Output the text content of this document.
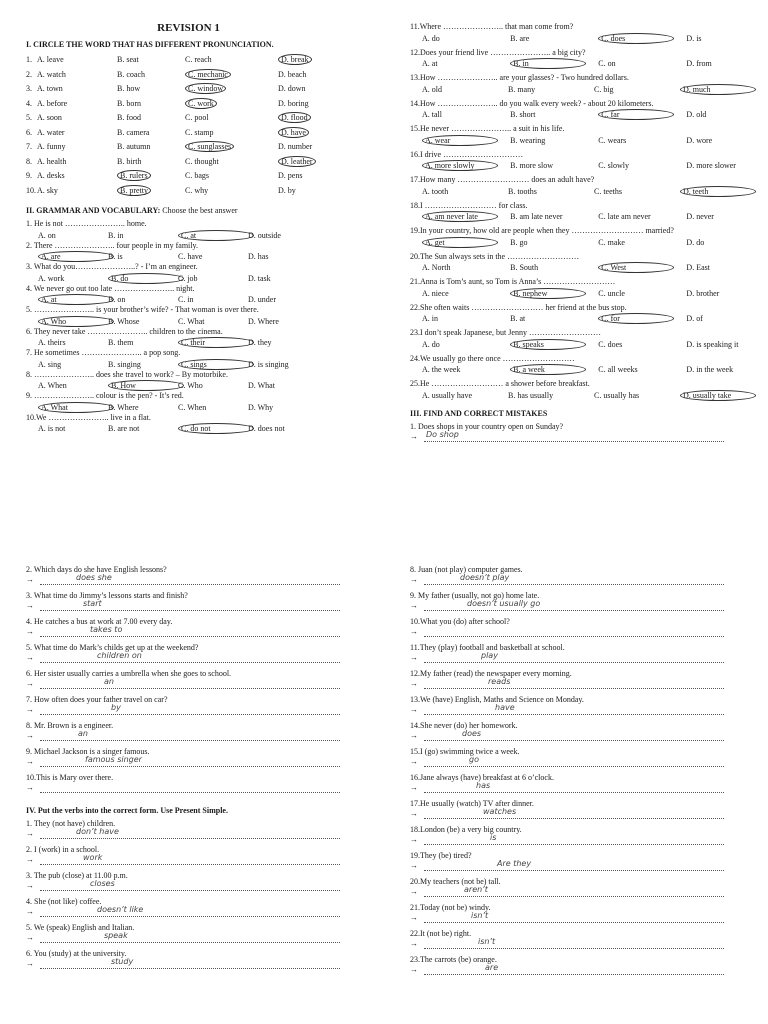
REVISION 1
I. CIRCLE THE WORD THAT HAS DIFFERENT PRONUNCIATION.
1. A. leave	B. seat	C. reach	D. break
2. A. watch	B. coach	C. mechanic	D. beach
3. A. town	B. how	C. window	D. down
4. A. before	B. born	C. work	D. boring
5. A. soon	B. food	C. pool	D. flood
6. A. water	B. camera	C. stamp	D. have
7. A. funny	B. autumn	C. sunglasses	D. number
8. A. health	B. birth	C. thought	D. leather
9. A. desks	B. rulers	C. bags	D. pens
10. A. sky	B. pretty	C. why	D. by
II. GRAMMAR AND VOCABULARY: Choose the best answer
1. He is not ………………….. home.
A. on	B. in	C. at	D. outside
2. There ………………….. four people in my family.
A. are	B. is	C. have	D. has
3. What do you…………………..? - I’m an engineer.
A. work	B. do	C. job	D. task
4. We never go out too late ………………….. night.
A. at	B. on	C. in	D. under
5. ………………….. is your brother’s wife? - That woman is over there.
A. Who	B. Whose	C. What	D. Where
6. They never take ………………….. children to the cinema.
A. theirs	B. them	C. their	D. they
7. He sometimes ………………….. a pop song.
A. sing	B. singing	C. sings	D. is singing
8. ………………….. does she travel to work? – By motorbike.
A. When	B. How	C. Who	D. What
9. ………………….. colour is the pen? - It’s red.
A. What	B. Where	C. When	D. Why
10.We ………………….. live in a flat.
A. is not	B. are not	C. do not	D. does not
11.Where ………………….. that man come from?
A. do	B. are	C. does	D. is
12.Does your friend live ………………….. a big city?
A. at	B. in	C. on	D. from
13.How ………………….. are your glasses? - Two hundred dollars.
A. old	B. many	C. big	D. much
14.How ………………….. do you walk every week? - about 20 kilometers.
A. tall	B. short	C. far	D. old
15.He never ………………….. a suit in his life.
A. wear	B. wearing	C. wears	D. wore
16.I drive …………………………
A. more slowly	B. more slow	C. slowly	D. more slower
17.How many ……………………… does an adult have?
A. tooth	B. tooths	C. teeths	D. teeth
18.I ……………………… for class.
A. am never late	B. am late never	C. late am never	D. never
19.In your country, how old are people when they ……………………… married?
A. get	B. go	C. make	D. do
20.The Sun always sets in the ………………………
A. North	B. South	C. West	D. East
21.Anna is Tom’s aunt, so Tom is Anna’s ………………………
A. niece	B. nephew	C. uncle	D. brother
22.She often waits ……………………… her friend at the bus stop.
A. in	B. at	C. for	D. of
23.I don’t speak Japanese, but Jenny ………………………
A. do	B. speaks	C. does	D. is speaking it
24.We usually go there once ………………………
A. the week	B. a week	C. all weeks	D. in the week
25.He ……………………… a shower before breakfast.
A. usually have	B. has usually	C. usually has	D. usually take
III. FIND AND CORRECT MISTAKES
1. Does shops in your country open on Sunday?
→ Do shop
2. Which days do she have English lessons?
→	does she
3. What time do Jimmy’s lessons starts and finish?
→	start
4. He catches a bus at work at 7.00 every day.
→	takes to
5. What time do Mark’s childs get up at the weekend?
→	children on
6. Her sister usually carries a umbrella when she goes to school.
→	an
7. How often does your father travel on car?
→	by
8. Mr. Brown is a engineer.
→	an
9. Michael Jackson is a singer famous.
→	famous singer
10.This is Mary over there.
→
IV. Put the verbs into the correct form. Use Present Simple.
1. They (not have) children.
→	don’t have
2. I (work) in a school.
→	work
3. The pub (close) at 11.00 p.m.
→	closes
4. She (not like) coffee.
→	doesn’t like
5. We (speak) English and Italian.
→	speak
6. You (study) at the university.
→	study
8. Juan (not play) computer games.
→	doesn’t play
9. My father (usually, not go) home late.
→	doesn’t usually go
10.What you (do) after school?
→
11.They (play) football and basketball at school.
→	play
12.My father (read) the newspaper every morning.
→	reads
13.We (have) English, Maths and Science on Monday.
→	have
14.She never (do) her homework.
→	does
15.I (go) swimming twice a week.
→	go
16.Jane always (have) breakfast at 6 o’clock.
→	has
17.He usually (watch) TV after dinner.
→	watches
18.London (be) a very big country.
→	is
19.They (be) tired?
→	Are they
20.My teachers (not be) tall.
→	aren’t
21.Today (not be) windy.
→	isn’t
22.It (not be) right.
→	isn’t
23.The carrots (be) orange.
→	are
